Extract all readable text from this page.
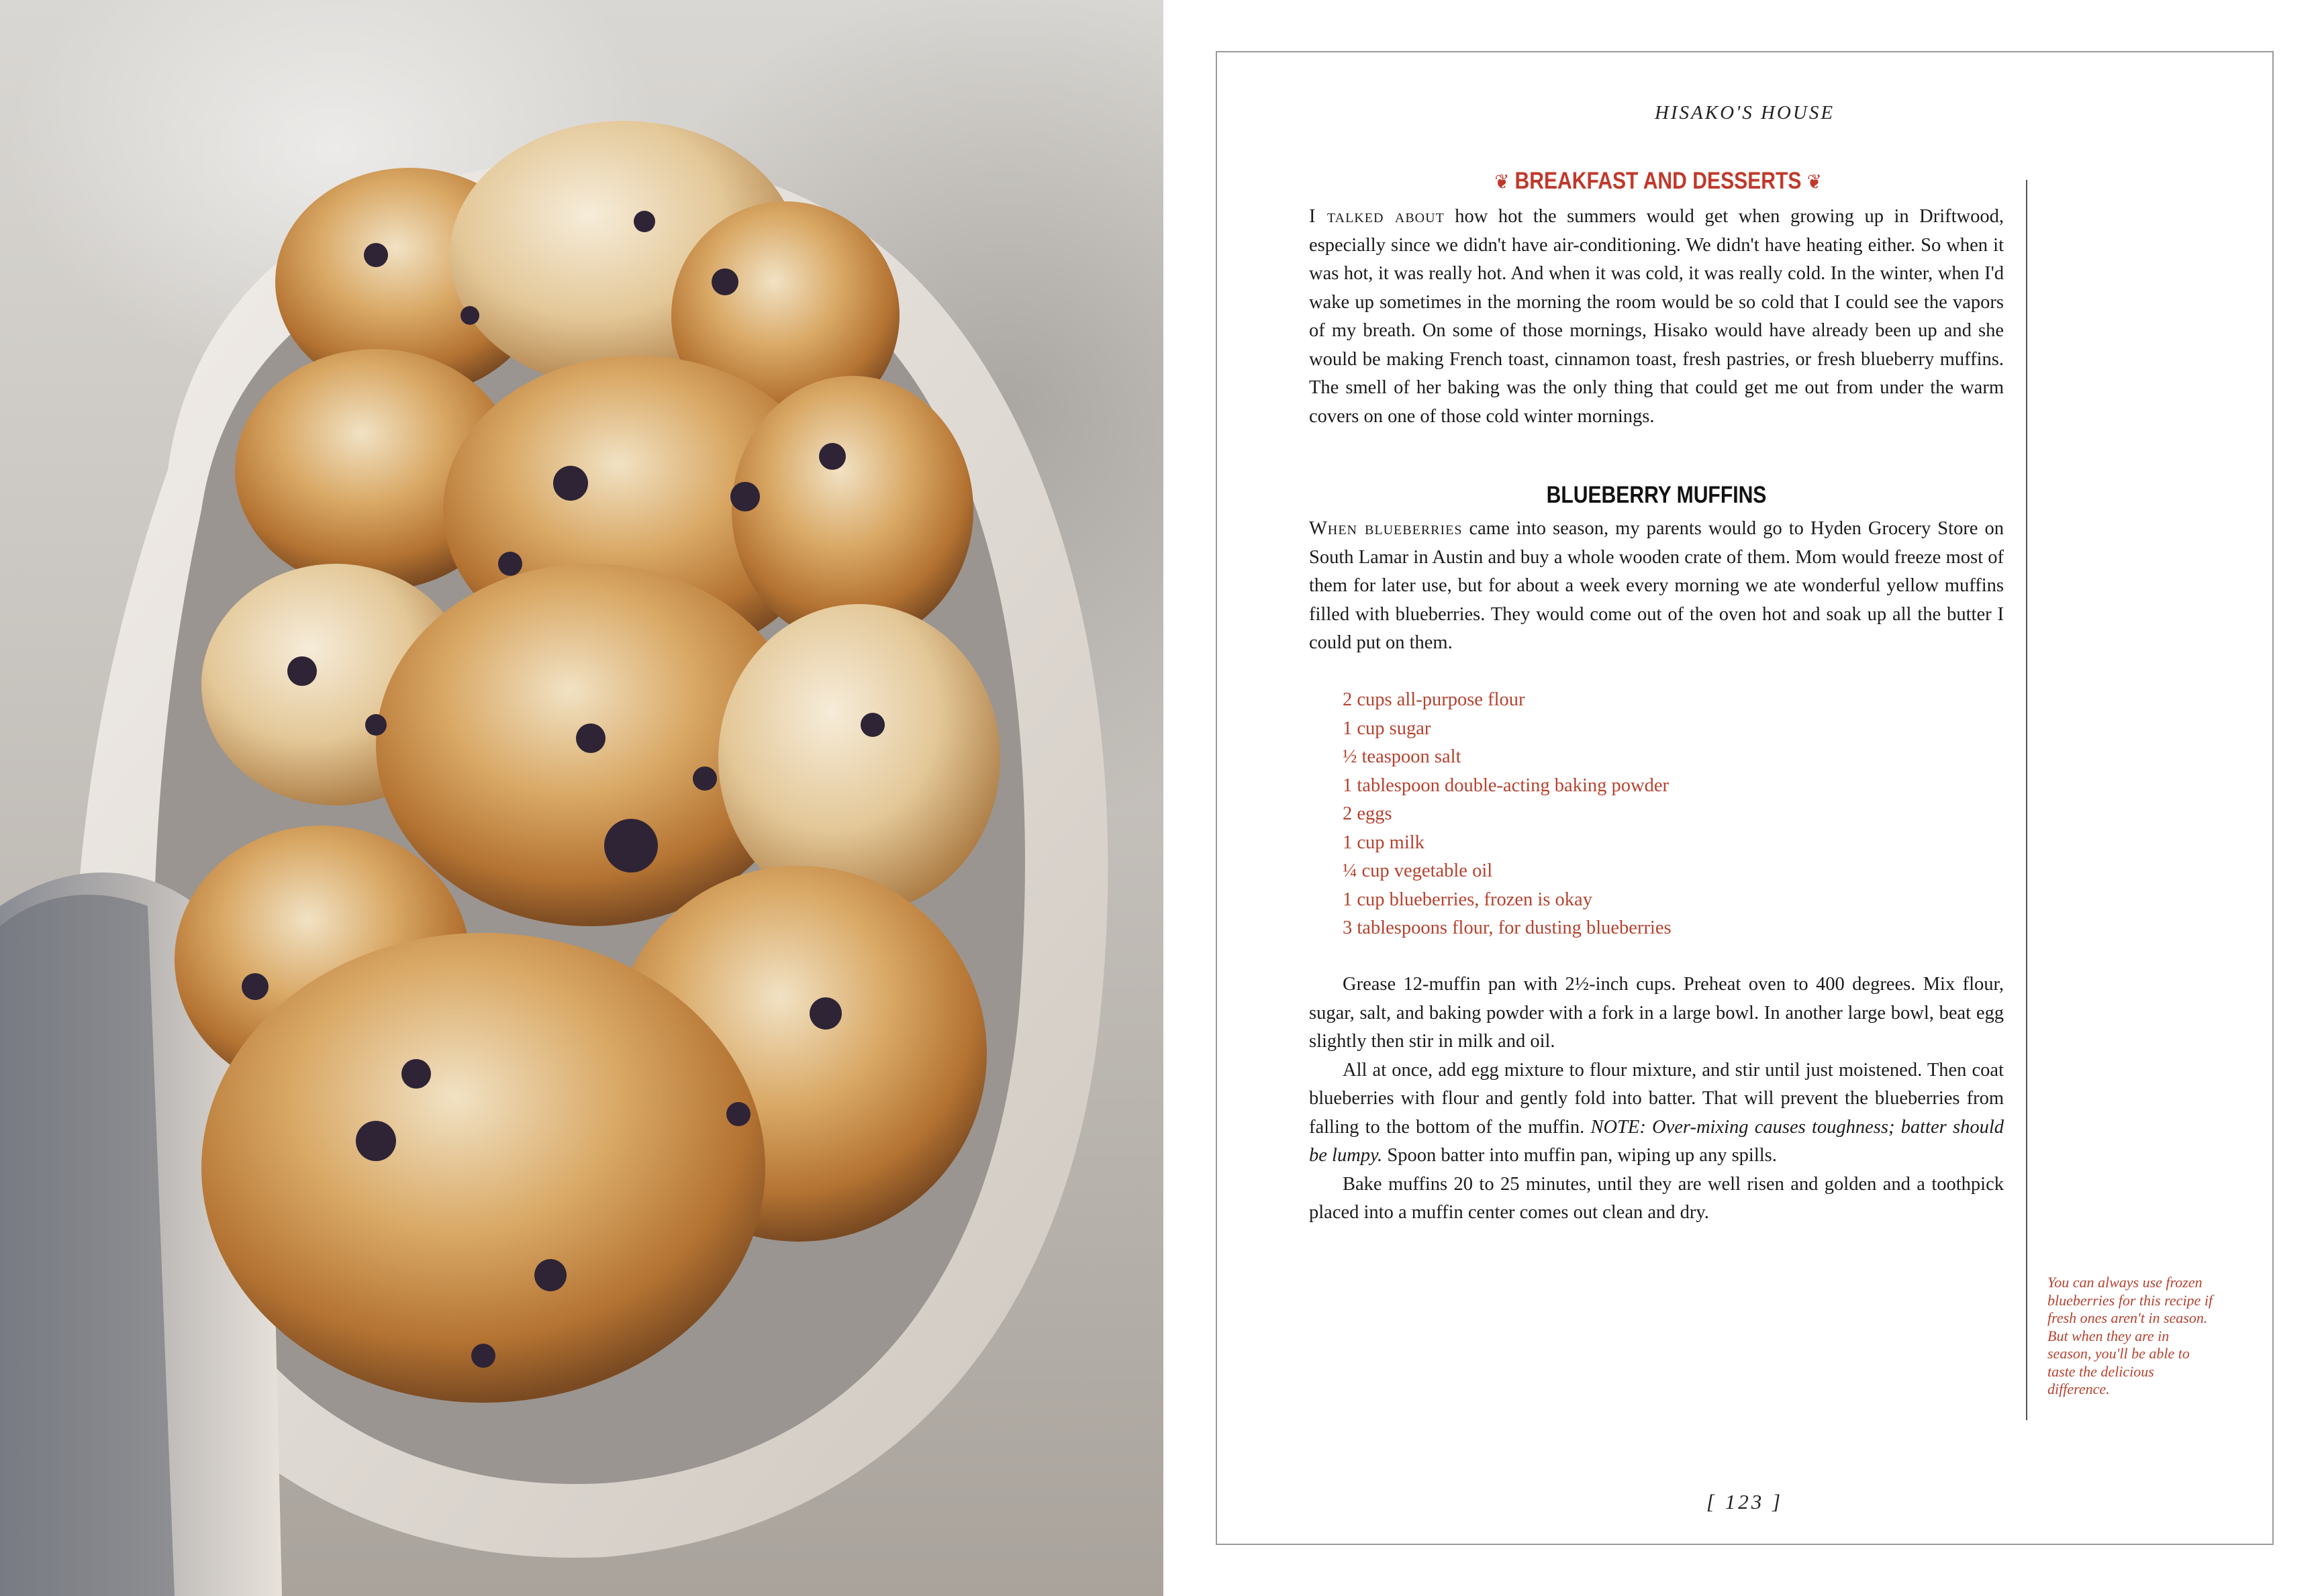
HISAKO'S HOUSE
❦ BREAKFAST AND DESSERTS ❦

I talked about how hot the summers would get when growing up in Driftwood, especially since we didn't have air-conditioning. We didn't have heating either. So when it was hot, it was really hot. And when it was cold, it was really cold. In the winter, when I'd wake up sometimes in the morning the room would be so cold that I could see the vapors of my breath. On some of those mornings, Hisako would have already been up and she would be making French toast, cinnamon toast, fresh pastries, or fresh blueberry muffins. The smell of her baking was the only thing that could get me out from under the warm covers on one of those cold winter mornings.

BLUEBERRY MUFFINS

When blueberries came into season, my parents would go to Hyden Grocery Store on South Lamar in Austin and buy a whole wooden crate of them. Mom would freeze most of them for later use, but for about a week every morning we ate wonderful yellow muffins filled with blueberries. They would come out of the oven hot and soak up all the butter I could put on them.

2 cups all-purpose flour
1 cup sugar
½ teaspoon salt
1 tablespoon double-acting baking powder
2 eggs
1 cup milk
¼ cup vegetable oil
1 cup blueberries, frozen is okay
3 tablespoons flour, for dusting blueberries

Grease 12-muffin pan with 2½-inch cups. Preheat oven to 400 degrees. Mix flour, sugar, salt, and baking powder with a fork in a large bowl. In another large bowl, beat egg slightly then stir in milk and oil.

All at once, add egg mixture to flour mixture, and stir until just moistened. Then coat blueberries with flour and gently fold into batter. That will prevent the blueberries from falling to the bottom of the muffin. NOTE: Over-mixing causes toughness; batter should be lumpy. Spoon batter into muffin pan, wiping up any spills.

Bake muffins 20 to 25 minutes, until they are well risen and golden and a toothpick placed into a muffin center comes out clean and dry.

You can always use frozen blueberries for this recipe if fresh ones aren't in season. But when they are in season, you'll be able to taste the delicious difference.
[ 123 ]
